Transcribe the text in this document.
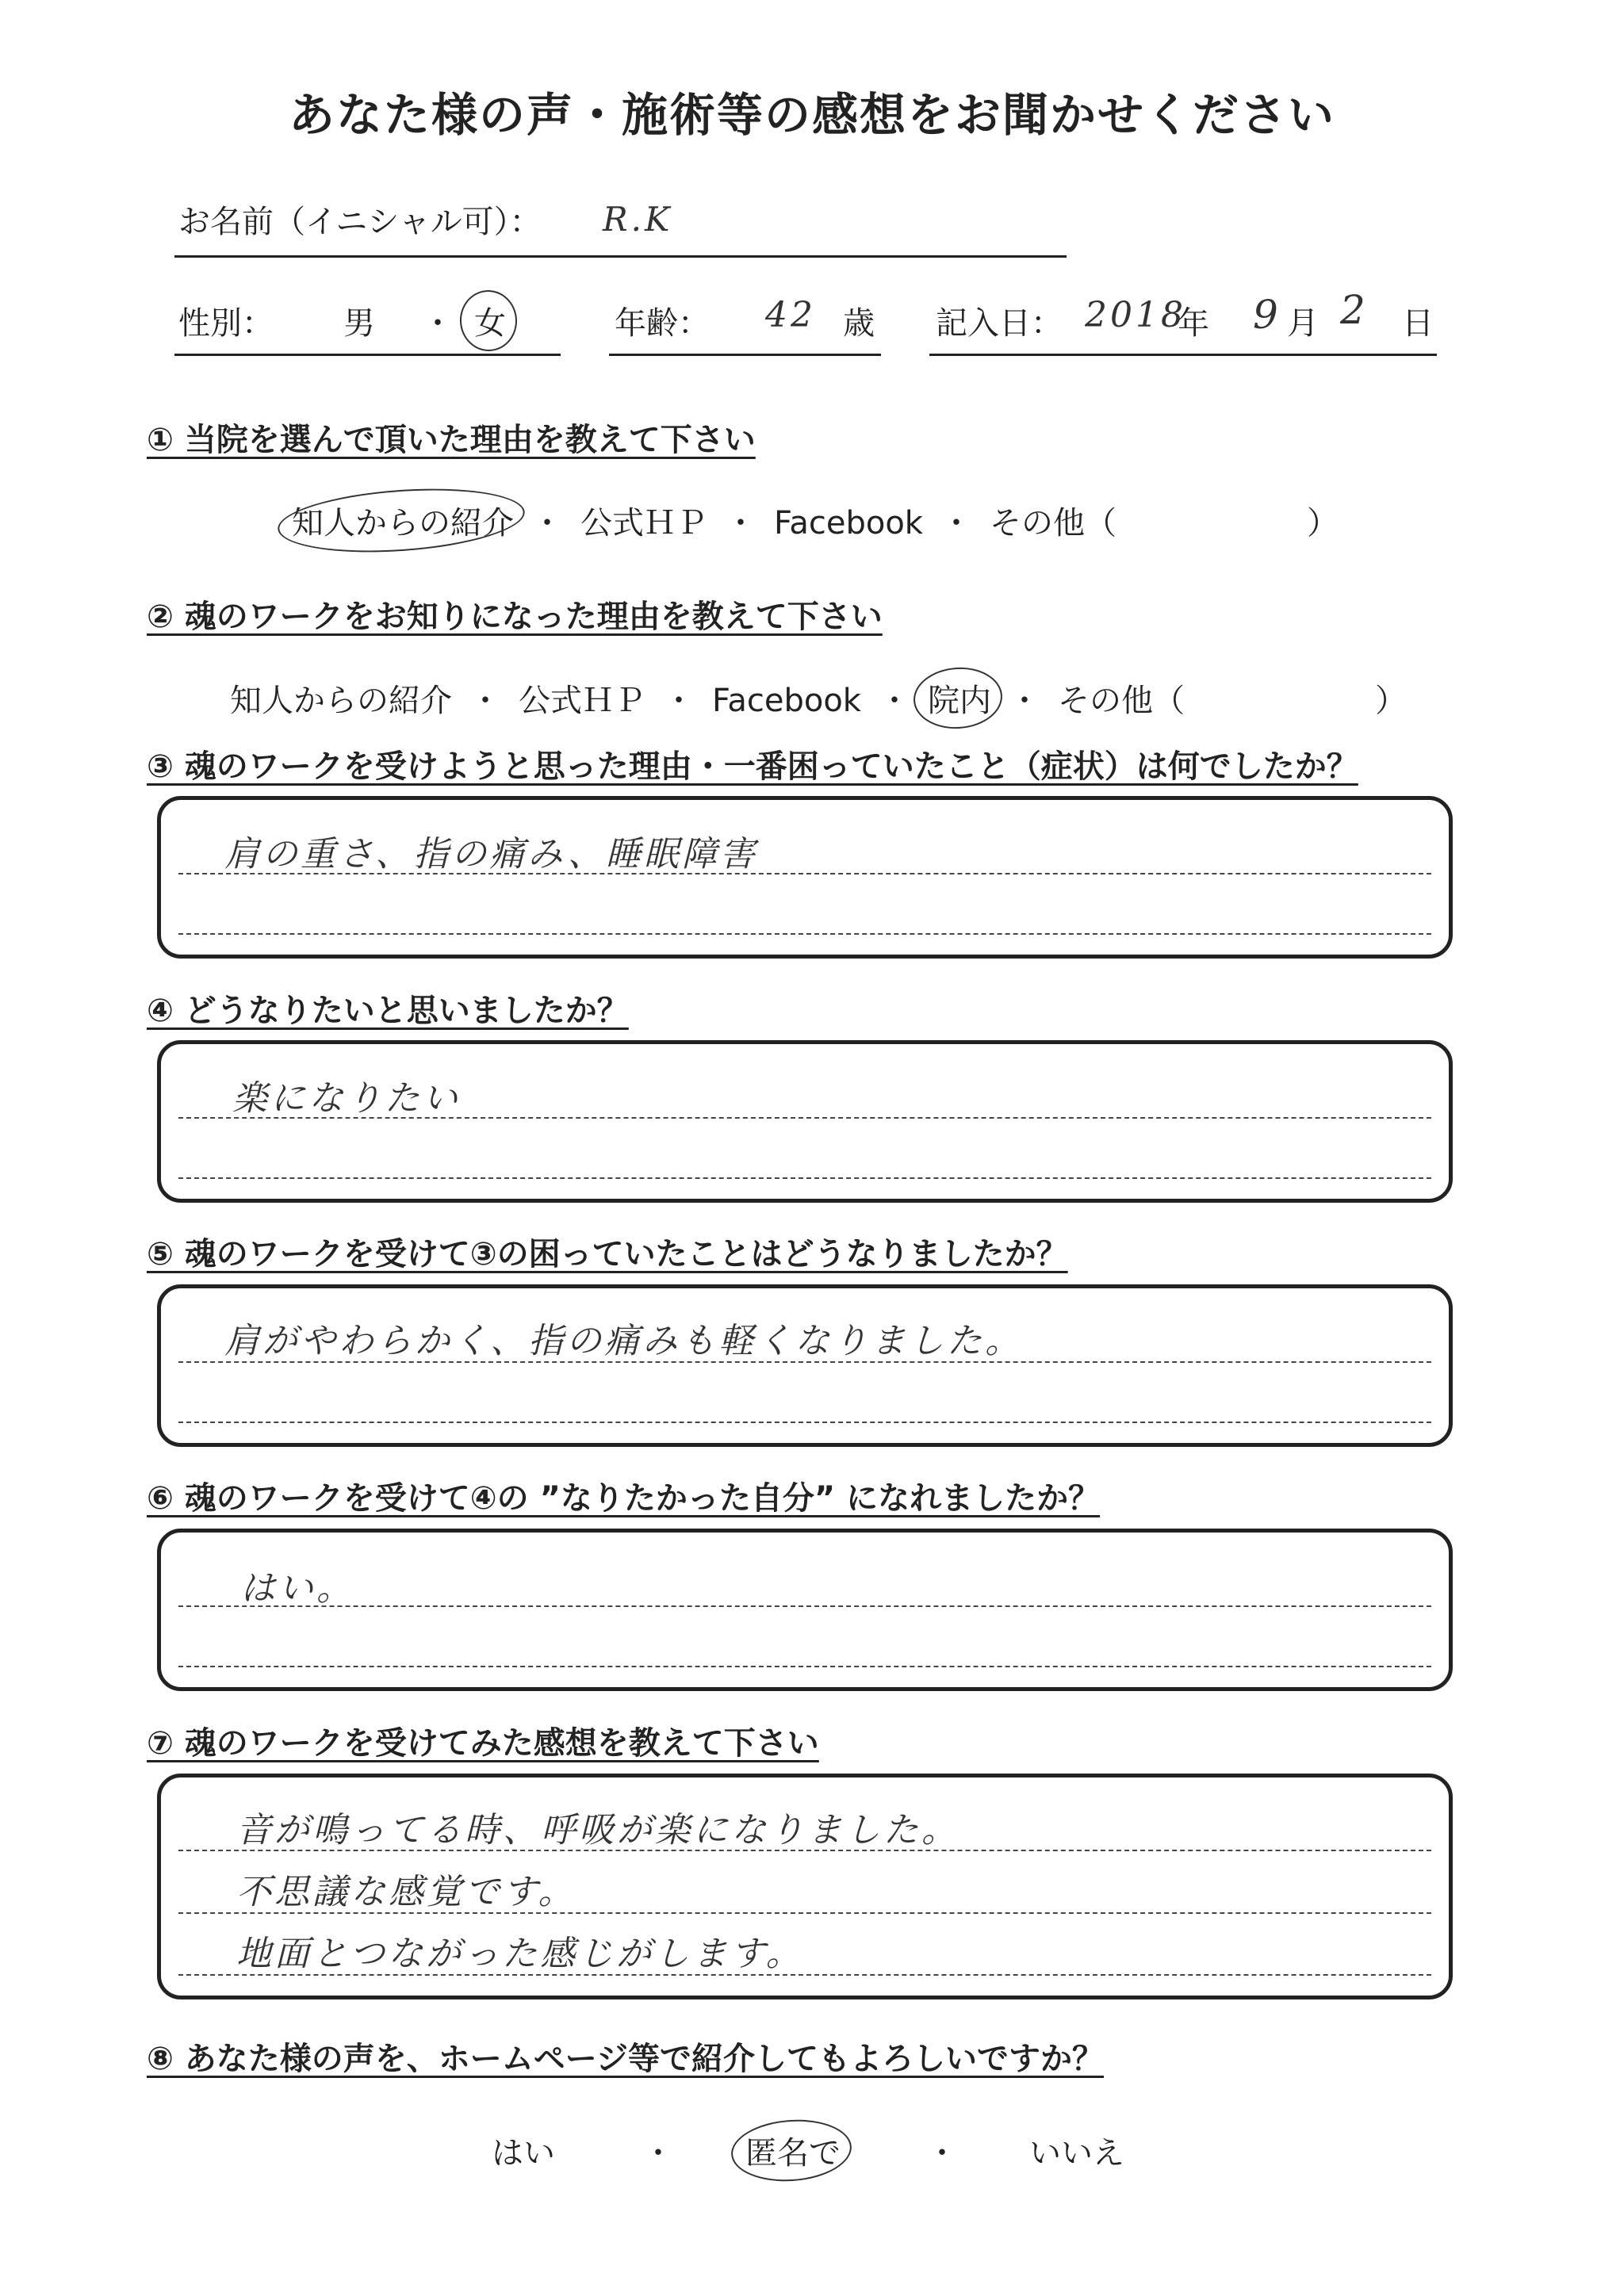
あなた様の声・施術等の感想をお聞かせください
お名前（イニシャル可）： R.K
性別： 男 ・ 女	年齢： 42 歳 記入日： 2018
年 9 月 2 日
① 当院を選んで頂いた理由を教えて下さい
知人からの紹介 ・ 公式ＨＰ ・ Facebook ・ その他（	）
② 魂のワークをお知りになった理由を教えて下さい
知人からの紹介 ・ 公式ＨＰ ・ Facebook ・ 院内 ・ その他（	）
③ 魂のワークを受けようと思った理由・一番困っていたこと（症状）は何でしたか？
肩の重さ、指の痛み、睡眠障害
④ どうなりたいと思いましたか？
楽になりたい
⑤ 魂のワークを受けて③の困っていたことはどうなりましたか？
肩がやわらかく、指の痛みも軽くなりました。
⑥ 魂のワークを受けて④の ”なりたかった自分” になれましたか？
はい。
⑦ 魂のワークを受けてみた感想を教えて下さい
音が鳴ってる時、呼吸が楽になりました。
不思議な感覚です。
地面とつながった感じがします。
⑧ あなた様の声を、ホームページ等で紹介してもよろしいですか？
はい	・ 匿名で	・ いいえ
